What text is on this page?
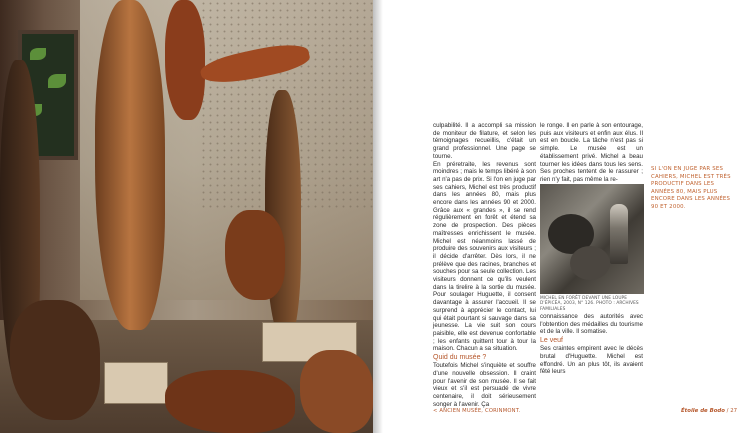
culpabilité. Il a accompli sa mission de moniteur de filature, et selon les témoignages recueillis, c'était un grand professionnel. Une page se tourne.

En préretraite, les revenus sont moindres ; mais le temps libéré à son art n'a pas de prix. Si l'on en juge par ses cahiers, Michel est très productif dans les années 80, mais plus encore dans les années 90 et 2000. Grâce aux « grandes », il se rend régulièrement en forêt et étend sa zone de prospection. Des pièces maîtresses enrichissent le musée. Michel est néanmoins lassé de produire des souvenirs aux visiteurs ; il décide d'arrêter. Dès lors, il ne prélève que des racines, branches et souches pour sa seule collection. Les visiteurs donnent ce qu'ils veulent dans la tirelire à la sortie du musée. Pour soulager Huguette, il consent davantage à assurer l'accueil. Il se surprend à apprécier le contact, lui qui était pourtant si sauvage dans sa jeunesse. La vie suit son cours paisible, elle est devenue confortable ; les enfants quittent tour à tour la maison. Chacun a sa situation.

Quid du musée ?

Toutefois Michel s'inquiète et souffre d'une nouvelle obsession. Il craint pour l'avenir de son musée. Il se fait vieux et s'il est persuadé de vivre centenaire, il doit sérieusement songer à l'avenir. Ça

le ronge. Il en parle à son entourage, puis aux visiteurs et enfin aux élus. Il est en boucle. La tâche n'est pas si simple. Le musée est un établissement privé. Michel a beau tourner les idées dans tous les sens. Ses proches tentent de le rassurer ; rien n'y fait, pas même la re-

MICHEL EN FORÊT DEVANT UNE LOUPE D'ÉPICÉA, 2003, N° 126. PHOTO : ARCHIVES FAMILIALES

connaissance des autorités avec l'obtention des médailles du tourisme et de la ville. Il somatise.

Le veuf

Ses craintes empirent avec le décès brutal d'Huguette. Michel est effondré. Un an plus tôt, ils avaient fêté leurs

SI L'ON EN JUGE PAR SES CAHIERS, MICHEL EST TRÈS PRODUCTIF DANS LES ANNÉES 80, MAIS PLUS ENCORE DANS LES ANNÉES 90 ET 2000.
< ANCIEN MUSÉE, CORINMONT.	Étoile de Bodo / 27
